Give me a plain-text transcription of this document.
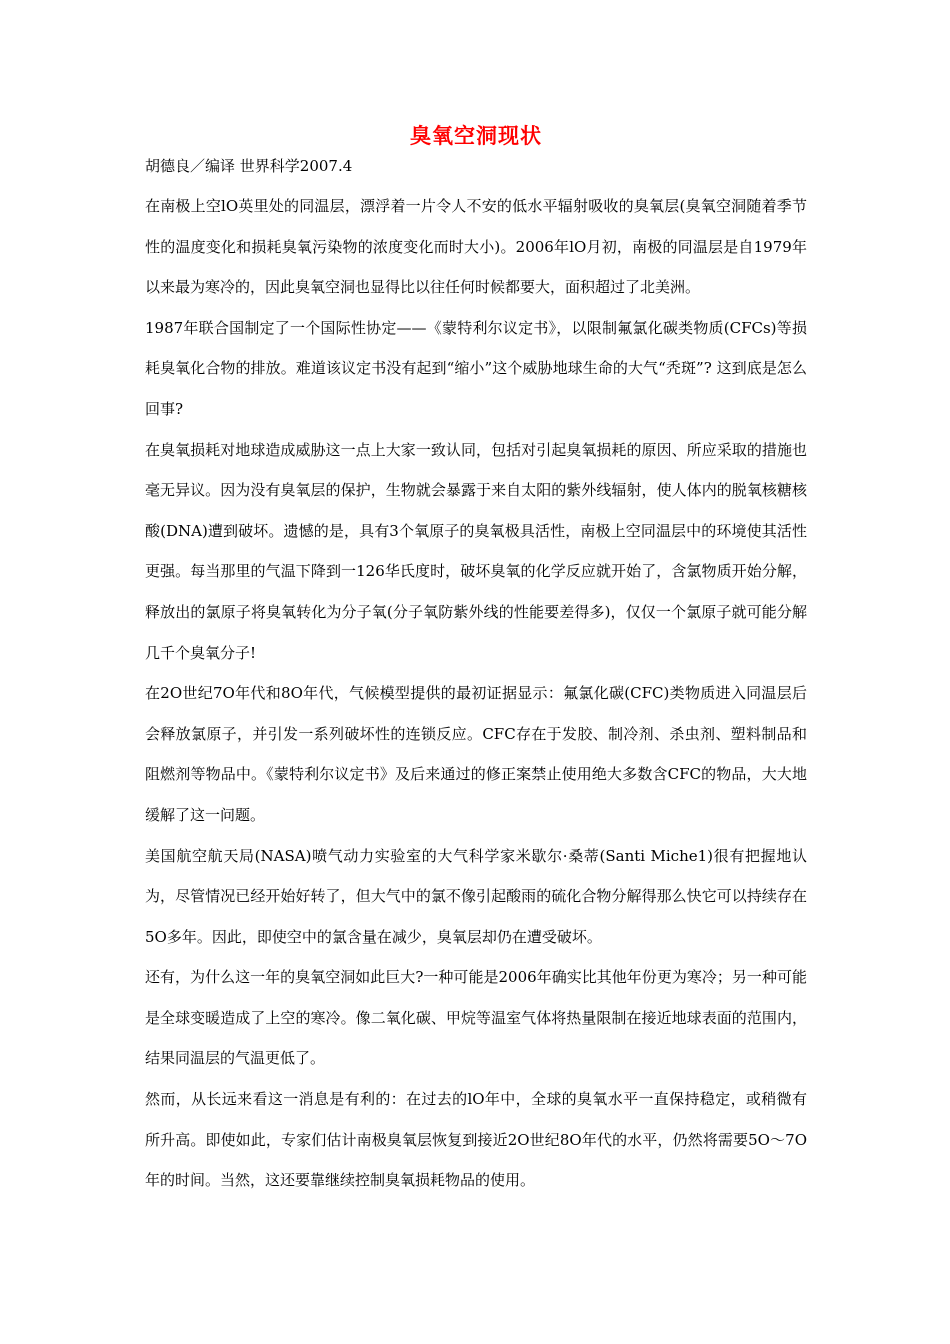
臭氧空洞现状

胡德良／编译 世界科学2007.4

在南极上空lO英里处的同温层，漂浮着一片令人不安的低水平辐射吸收的臭氧层(臭氧空洞随着季节性的温度变化和损耗臭氧污染物的浓度变化而时大小)。2006年lO月初，南极的同温层是自1979年以来最为寒冷的，因此臭氧空洞也显得比以往任何时候都要大，面积超过了北美洲。

1987年联合国制定了一个国际性协定——《蒙特利尔议定书》，以限制氟氯化碳类物质(CFCs)等损耗臭氧化合物的排放。难道该议定书没有起到“缩小”这个威胁地球生命的大气“秃斑”? 这到底是怎么回事?

在臭氧损耗对地球造成威胁这一点上大家一致认同，包括对引起臭氧损耗的原因、所应采取的措施也毫无异议。因为没有臭氧层的保护，生物就会暴露于来自太阳的紫外线辐射，使人体内的脱氧核糖核酸(DNA)遭到破坏。遗憾的是，具有3个氧原子的臭氧极具活性，南极上空同温层中的环境使其活性更强。每当那里的气温下降到一126华氏度时，破坏臭氧的化学反应就开始了，含氯物质开始分解，释放出的氯原子将臭氧转化为分子氧(分子氧防紫外线的性能要差得多)，仅仅一个氯原子就可能分解几千个臭氧分子!

在2O世纪7O年代和8O年代，气候模型提供的最初证据显示：氟氯化碳(CFC)类物质进入同温层后会释放氯原子，并引发一系列破坏性的连锁反应。CFC存在于发胶、制冷剂、杀虫剂、塑料制品和阻燃剂等物品中。《蒙特利尔议定书》及后来通过的修正案禁止使用绝大多数含CFC的物品，大大地缓解了这一问题。

美国航空航天局(NASA)喷气动力实验室的大气科学家米歇尔·桑蒂(Santi Miche1)很有把握地认为，尽管情况已经开始好转了，但大气中的氯不像引起酸雨的硫化合物分解得那么快它可以持续存在5O多年。因此，即使空中的氯含量在减少，臭氧层却仍在遭受破坏。

还有，为什么这一年的臭氧空洞如此巨大?一种可能是2006年确实比其他年份更为寒冷；另一种可能是全球变暖造成了上空的寒冷。像二氧化碳、甲烷等温室气体将热量限制在接近地球表面的范围内，结果同温层的气温更低了。

然而，从长远来看这一消息是有利的：在过去的lO年中，全球的臭氧水平一直保持稳定，或稍微有所升高。即使如此，专家们估计南极臭氧层恢复到接近2O世纪8O年代的水平，仍然将需要5O～7O年的时间。当然，这还要靠继续控制臭氧损耗物品的使用。
